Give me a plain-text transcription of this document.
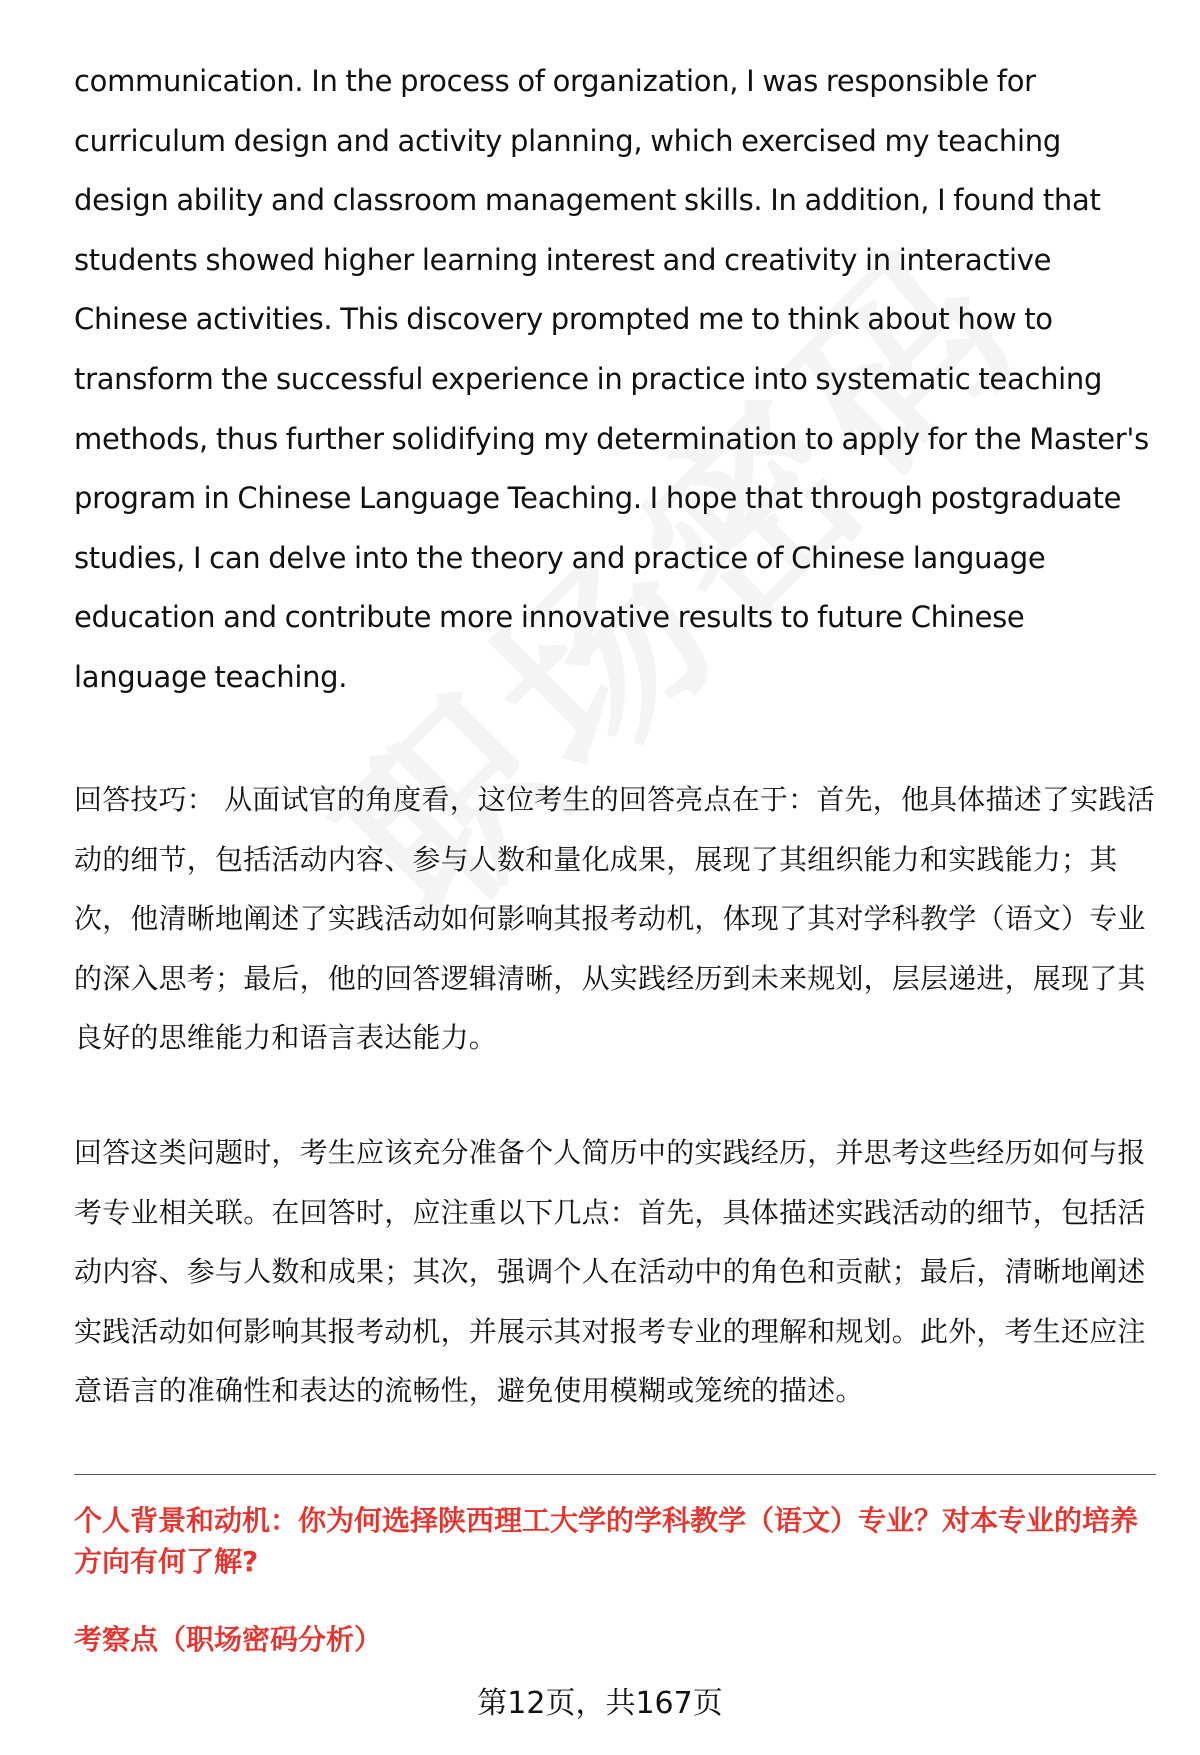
communication. In the process of organization, I was responsible for curriculum design and activity planning, which exercised my teaching design ability and classroom management skills. In addition, I found that students showed higher learning interest and creativity in interactive Chinese activities. This discovery prompted me to think about how to transform the successful experience in practice into systematic teaching methods, thus further solidifying my determination to apply for the Master's program in Chinese Language Teaching. I hope that through postgraduate studies, I can delve into the theory and practice of Chinese language education and contribute more innovative results to future Chinese language teaching.

回答技巧： 从面试官的角度看，这位考生的回答亮点在于：首先，他具体描述了实践活动的细节，包括活动内容、参与人数和量化成果，展现了其组织能力和实践能力；其次，他清晰地阐述了实践活动如何影响其报考动机，体现了其对学科教学（语文）专业的深入思考；最后，他的回答逻辑清晰，从实践经历到未来规划，层层递进，展现了其良好的思维能力和语言表达能力。

回答这类问题时，考生应该充分准备个人简历中的实践经历，并思考这些经历如何与报考专业相关联。在回答时，应注重以下几点：首先，具体描述实践活动的细节，包括活动内容、参与人数和成果；其次，强调个人在活动中的角色和贡献；最后，清晰地阐述实践活动如何影响其报考动机，并展示其对报考专业的理解和规划。此外，考生还应注意语言的准确性和表达的流畅性，避免使用模糊或笼统的描述。

个人背景和动机：你为何选择陕西理工大学的学科教学（语文）专业？对本专业的培养方向有何了解?
考察点（职场密码分析）
第12页，共167页
